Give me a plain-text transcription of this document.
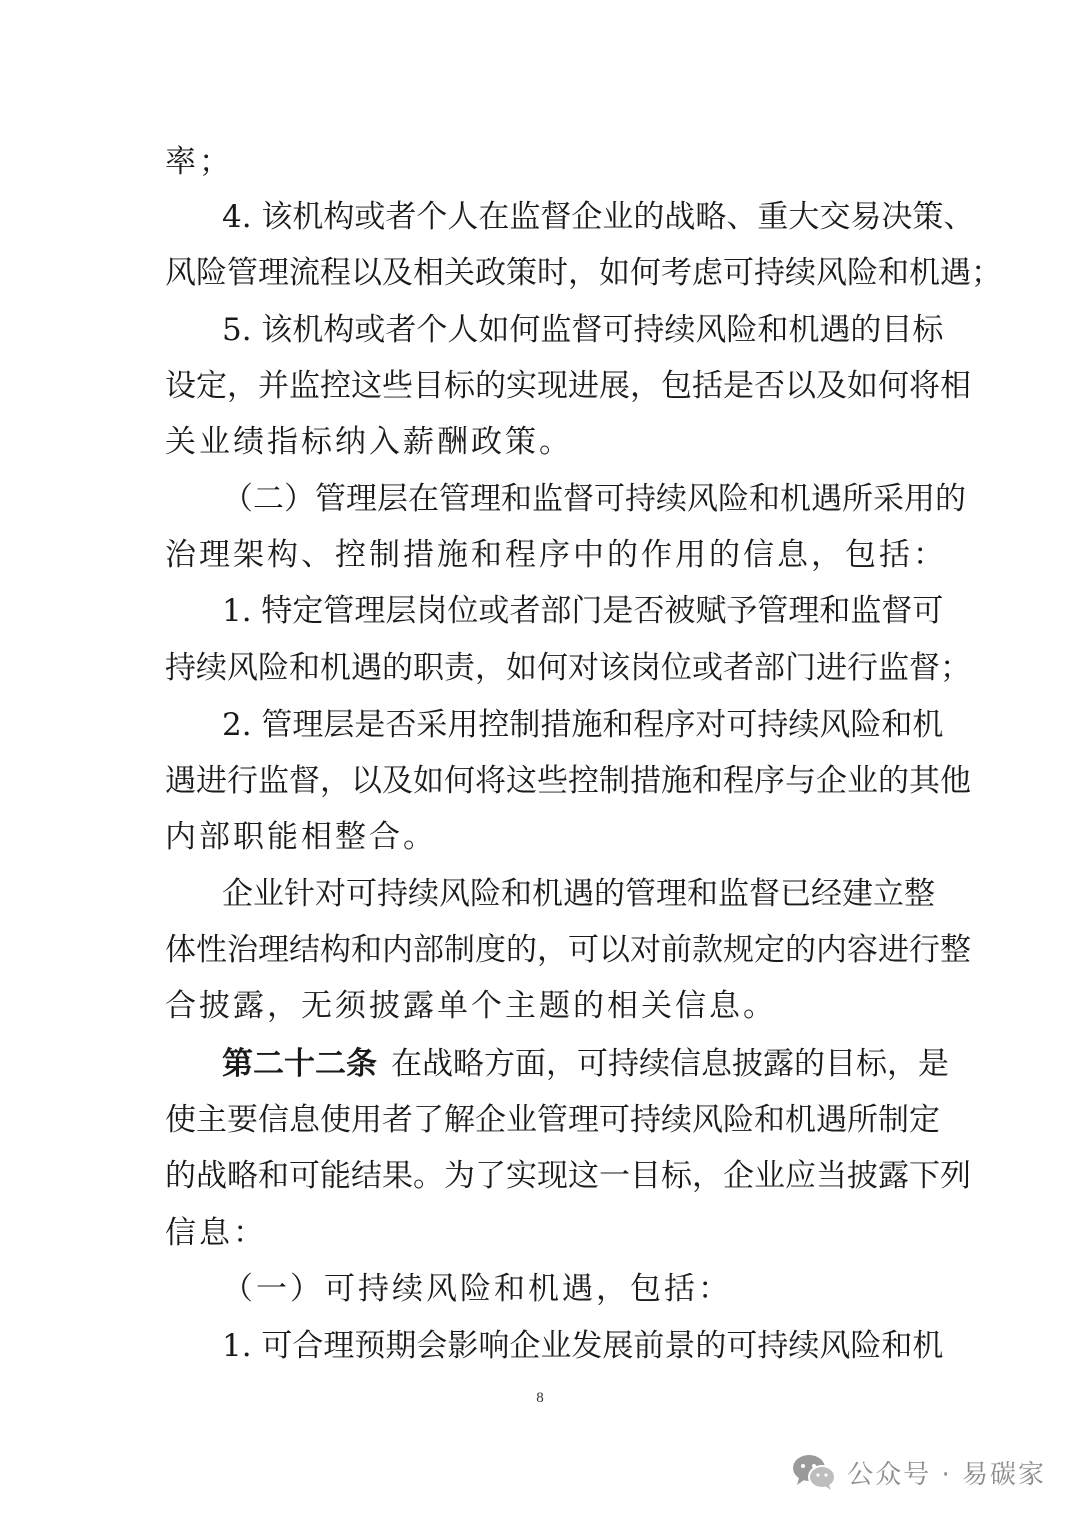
率；
4. 该机构或者个人在监督企业的战略、重大交易决策、
风险管理流程以及相关政策时，如何考虑可持续风险和机遇；
5. 该机构或者个人如何监督可持续风险和机遇的目标
设定，并监控这些目标的实现进展，包括是否以及如何将相
关业绩指标纳入薪酬政策。
（二）管理层在管理和监督可持续风险和机遇所采用的
治理架构、控制措施和程序中的作用的信息，包括：
1. 特定管理层岗位或者部门是否被赋予管理和监督可
持续风险和机遇的职责，如何对该岗位或者部门进行监督；
2. 管理层是否采用控制措施和程序对可持续风险和机
遇进行监督，以及如何将这些控制措施和程序与企业的其他
内部职能相整合。
企业针对可持续风险和机遇的管理和监督已经建立整
体性治理结构和内部制度的，可以对前款规定的内容进行整
合披露，无须披露单个主题的相关信息。
第二十二条 在战略方面，可持续信息披露的目标，是
使主要信息使用者了解企业管理可持续风险和机遇所制定
的战略和可能结果。为了实现这一目标，企业应当披露下列
信息：
（一）可持续风险和机遇，包括：
1. 可合理预期会影响企业发展前景的可持续风险和机
8
公众号 · 易碳家
